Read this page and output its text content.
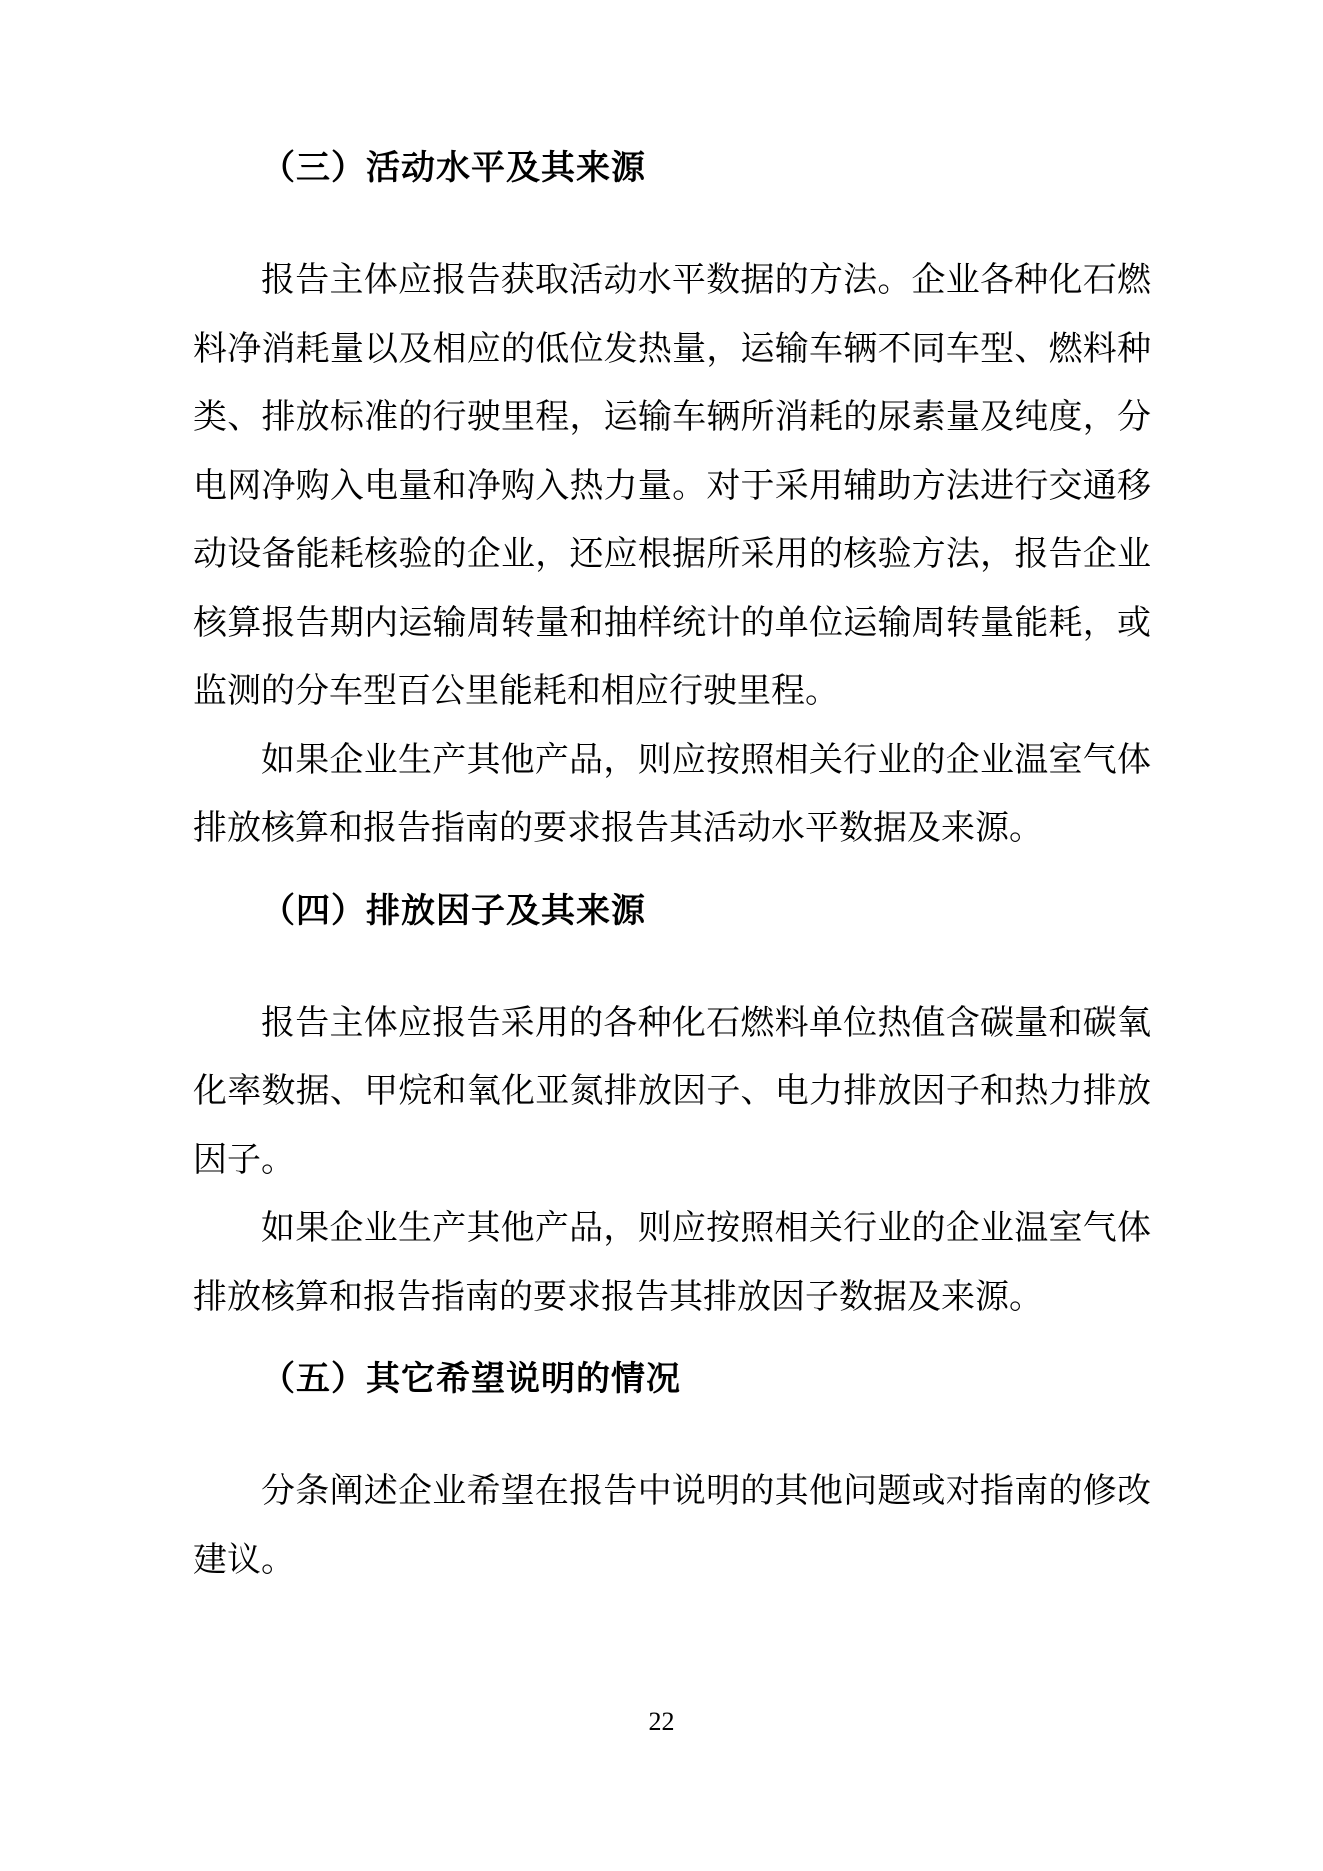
（三）活动水平及其来源

报告主体应报告获取活动水平数据的方法。企业各种化石燃料净消耗量以及相应的低位发热量，运输车辆不同车型、燃料种类、排放标准的行驶里程，运输车辆所消耗的尿素量及纯度，分电网净购入电量和净购入热力量。对于采用辅助方法进行交通移动设备能耗核验的企业，还应根据所采用的核验方法，报告企业核算报告期内运输周转量和抽样统计的单位运输周转量能耗，或监测的分车型百公里能耗和相应行驶里程。

如果企业生产其他产品，则应按照相关行业的企业温室气体排放核算和报告指南的要求报告其活动水平数据及来源。

（四）排放因子及其来源

报告主体应报告采用的各种化石燃料单位热值含碳量和碳氧化率数据、甲烷和氧化亚氮排放因子、电力排放因子和热力排放因子。

如果企业生产其他产品，则应按照相关行业的企业温室气体排放核算和报告指南的要求报告其排放因子数据及来源。

（五）其它希望说明的情况

分条阐述企业希望在报告中说明的其他问题或对指南的修改建议。

22
